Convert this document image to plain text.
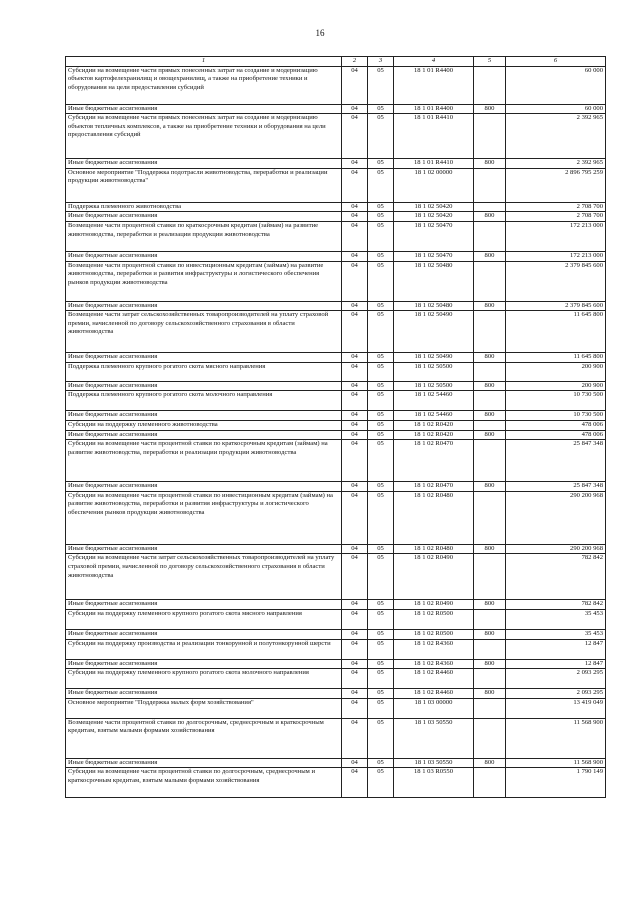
16
1	2	3	4	5	6
Субсидии на возмещение части прямых понесенных затрат на создание и модернизацию объектов картофелехранилищ и овощехранилищ, а также на приобретение техники и оборудования на цели предоставления субсидий	04	05	18 1 01 R4400		60 000
Иные бюджетные ассигнования	04	05	18 1 01 R4400	800	60 000
Субсидии на возмещение части прямых понесенных затрат на создание и модернизацию объектов тепличных комплексов, а также на приобретение техники и оборудования на цели предоставления субсидий	04	05	18 1 01 R4410		2 392 965
Иные бюджетные ассигнования	04	05	18 1 01 R4410	800	2 392 965
Основное мероприятие "Поддержка подотрасли животноводства, переработки и реализации продукции животноводства"	04	05	18 1 02 00000		2 896 795 259
Поддержка племенного животноводства	04	05	18 1 02 50420		2 708 700
Иные бюджетные ассигнования	04	05	18 1 02 50420	800	2 708 700
Возмещение части процентной ставки по краткосрочным кредитам (займам) на развитие животноводства, переработки и реализации продукции животноводства	04	05	18 1 02 50470		172 213 000
Иные бюджетные ассигнования	04	05	18 1 02 50470	800	172 213 000
Возмещение части процентной ставки по инвестиционным кредитам (займам) на развитие животноводства, переработки и развития инфраструктуры и логистического обеспечения рынков продукции животноводства	04	05	18 1 02 50480		2 379 845 600
Иные бюджетные ассигнования	04	05	18 1 02 50480	800	2 379 845 600
Возмещение части затрат сельскохозяйственных товаропроизводителей на уплату страховой премии, начисленной по договору сельскохозяйственного страхования в области животноводства	04	05	18 1 02 50490		11 645 800
Иные бюджетные ассигнования	04	05	18 1 02 50490	800	11 645 800
Поддержка племенного крупного рогатого скота мясного направления	04	05	18 1 02 50500		200 900
Иные бюджетные ассигнования	04	05	18 1 02 50500	800	200 900
Поддержка племенного крупного рогатого скота молочного направления	04	05	18 1 02 54460		10 730 500
Иные бюджетные ассигнования	04	05	18 1 02 54460	800	10 730 500
Субсидии на поддержку племенного животноводства	04	05	18 1 02 R0420		478 006
Иные бюджетные ассигнования	04	05	18 1 02 R0420	800	478 006
Субсидии на возмещение части процентной ставки по краткосрочным кредитам (займам) на развитие животноводства, переработки и реализации продукции животноводства	04	05	18 1 02 R0470		25 847 348
Иные бюджетные ассигнования	04	05	18 1 02 R0470	800	25 847 348
Субсидии на возмещение части процентной ставки по инвестиционным кредитам (займам) на развитие животноводства, переработки и развития инфраструктуры и логистического обеспечения рынков продукции животноводства	04	05	18 1 02 R0480		290 200 968
Иные бюджетные ассигнования	04	05	18 1 02 R0480	800	290 200 968
Субсидии на возмещение части затрат сельскохозяйственных товаропроизводителей на уплату страховой премии, начисленной по договору сельскохозяйственного страхования в области животноводства	04	05	18 1 02 R0490		782 842
Иные бюджетные ассигнования	04	05	18 1 02 R0490	800	782 842
Субсидии на поддержку племенного крупного рогатого скота мясного направления	04	05	18 1 02 R0500		35 453
Иные бюджетные ассигнования	04	05	18 1 02 R0500	800	35 453
Субсидии на поддержку производства и реализации тонкорунной и полутонкорунной шерсти	04	05	18 1 02 R4360		12 847
Иные бюджетные ассигнования	04	05	18 1 02 R4360	800	12 847
Субсидии на поддержку племенного крупного рогатого скота молочного направления	04	05	18 1 02 R4460		2 093 295
Иные бюджетные ассигнования	04	05	18 1 02 R4460	800	2 093 295
Основное мероприятие "Поддержка малых форм хозяйствования"	04	05	18 1 03 00000		13 419 049
Возмещение части процентной ставки по долгосрочным, среднесрочным и краткосрочным кредитам, взятым малыми формами хозяйствования	04	05	18 1 03 50550		11 568 900
Иные бюджетные ассигнования	04	05	18 1 03 50550	800	11 568 900
Субсидии на возмещение части процентной ставки по долгосрочным, среднесрочным и краткосрочным кредитам, взятым малыми формами хозяйствования	04	05	18 1 03 R0550		1 790 149
